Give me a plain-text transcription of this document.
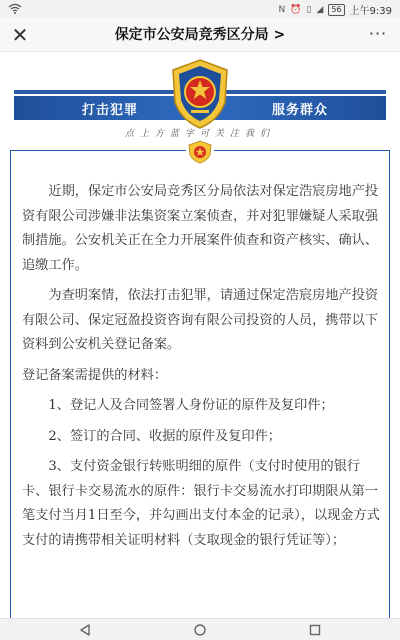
N ⏰ ▯ ◢	56 上午9:39
✕	保定市公安局竞秀区分局 >	···
打击犯罪	服务群众
点上方蓝字可关注我们

近期，保定市公安局竞秀区分局依法对保定浩宸房地产投资有限公司涉嫌非法集资案立案侦查，并对犯罪嫌疑人采取强制措施。公安机关正在全力开展案件侦查和资产核实、确认、追缴工作。

为查明案情，依法打击犯罪，请通过保定浩宸房地产投资有限公司、保定冠盈投资咨询有限公司投资的人员，携带以下资料到公安机关登记备案。

登记备案需提供的材料：

1、登记人及合同签署人身份证的原件及复印件；

2、签订的合同、收据的原件及复印件；

3、支付资金银行转账明细的原件（支付时使用的银行卡、银行卡交易流水的原件：银行卡交易流水打印期限从第一笔支付当月1日至今，并勾画出支付本金的记录），以现金方式支付的请携带相关证明材料（支取现金的银行凭证等）；
